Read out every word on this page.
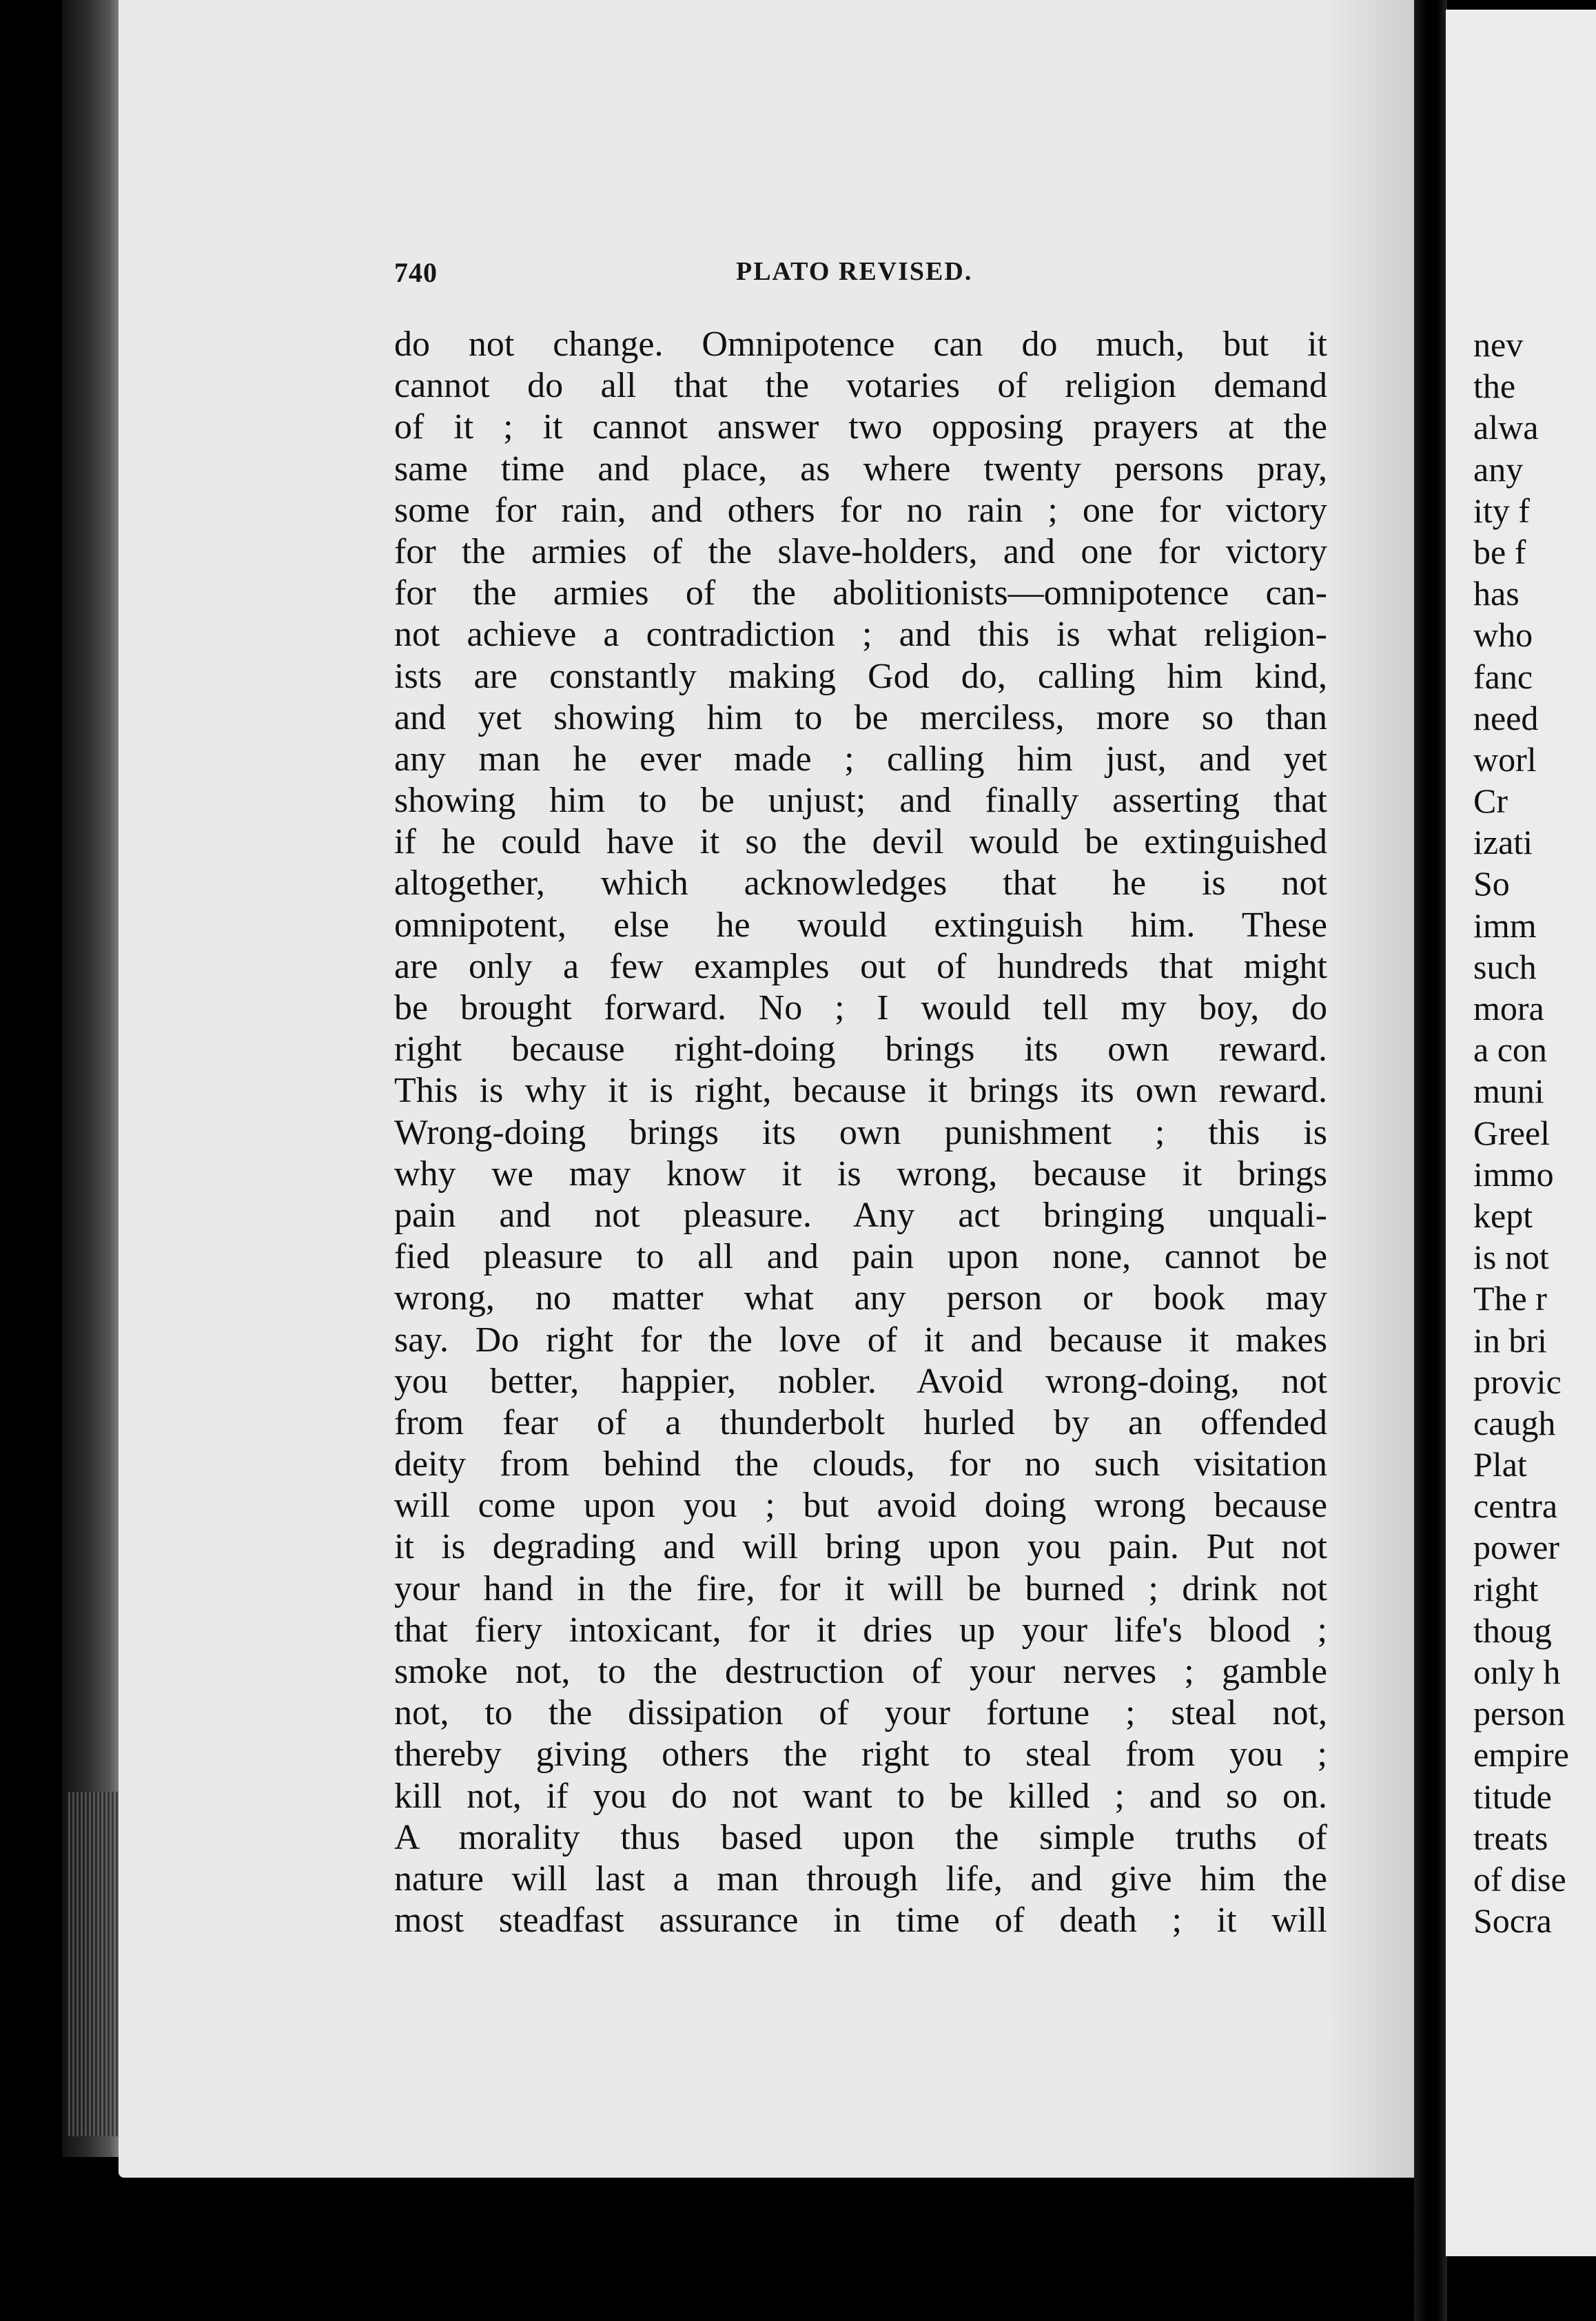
740	PLATO REVISED.
do not change. Omnipotence can do much, but it
cannot do all that the votaries of religion demand
of it ; it cannot answer two opposing prayers at the
same time and place, as where twenty persons pray,
some for rain, and others for no rain ; one for victory
for the armies of the slave-holders, and one for victory
for the armies of the abolitionists—omnipotence can-
not achieve a contradiction ; and this is what religion-
ists are constantly making God do, calling him kind,
and yet showing him to be merciless, more so than
any man he ever made ; calling him just, and yet
showing him to be unjust; and finally asserting that
if he could have it so the devil would be extinguished
altogether, which acknowledges that he is not
omnipotent, else he would extinguish him. These
are only a few examples out of hundreds that might
be brought forward. No ; I would tell my boy, do
right because right-doing brings its own reward.
This is why it is right, because it brings its own reward.
Wrong-doing brings its own punishment ; this is
why we may know it is wrong, because it brings
pain and not pleasure. Any act bringing unquali-
fied pleasure to all and pain upon none, cannot be
wrong, no matter what any person or book may
say. Do right for the love of it and because it makes
you better, happier, nobler. Avoid wrong-doing, not
from fear of a thunderbolt hurled by an offended
deity from behind the clouds, for no such visitation
will come upon you ; but avoid doing wrong because
it is degrading and will bring upon you pain. Put not
your hand in the fire, for it will be burned ; drink not
that fiery intoxicant, for it dries up your life's blood ;
smoke not, to the destruction of your nerves ; gamble
not, to the dissipation of your fortune ; steal not,
thereby giving others the right to steal from you ;
kill not, if you do not want to be killed ; and so on.
A morality thus based upon the simple truths of
nature will last a man through life, and give him the
most steadfast assurance in time of death ; it will
nev
the
alwa
any
ity f
be f
has
who
fanc
need
worl
Cr
izati
So
imm
such
mora
a con
muni
Greel
immo
kept
is not
The r
in bri
provic
caugh
Plat
centra
power
right
thoug
only h
person
empire
titude
treats
of dise
Socra
